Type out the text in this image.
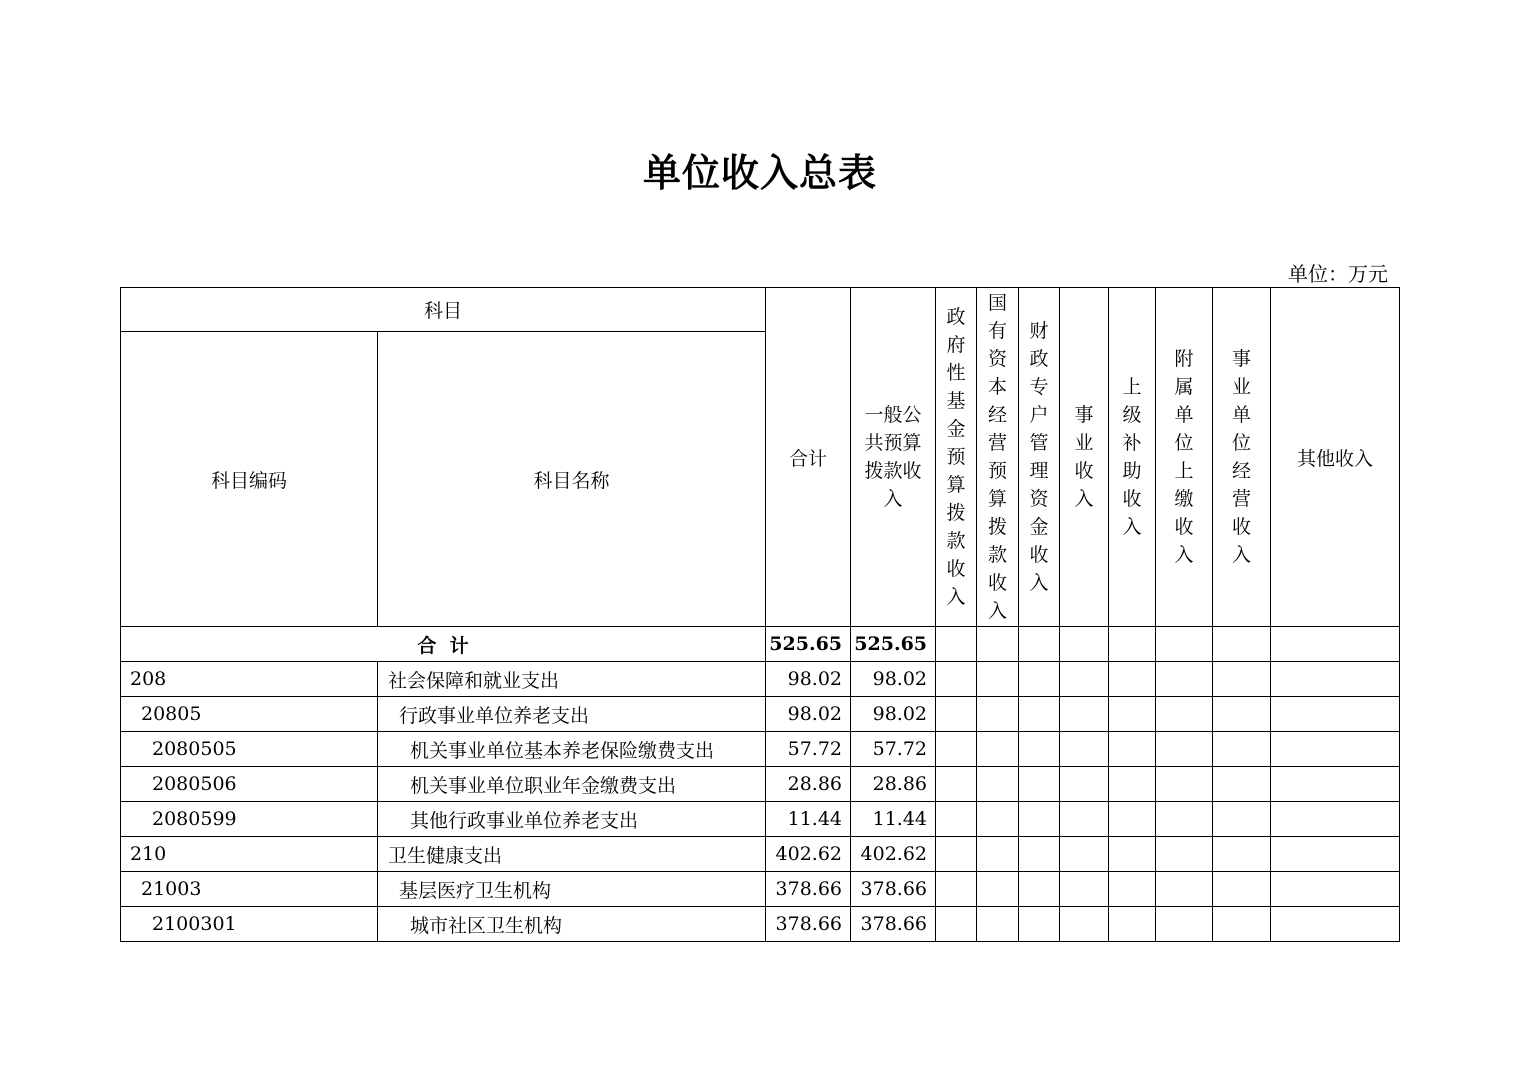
单位收入总表
单位：万元
科目		合计	一般公共预算拨款收入	政府性基金预算拨款收入	国有资本经营预算拨款收入	财政专户管理资金收入	事业收入	上级补助收入	附属单位上缴收入	事业单位经营收入	其他收入
科目编码	科目名称										
合  计		525.65	525.65								
208	社会保障和就业支出	98.02	98.02								
20805	行政事业单位养老支出	98.02	98.02								
2080505	机关事业单位基本养老保险缴费支出	57.72	57.72								
2080506	机关事业单位职业年金缴费支出	28.86	28.86								
2080599	其他行政事业单位养老支出	11.44	11.44								
210	卫生健康支出	402.62	402.62								
21003	基层医疗卫生机构	378.66	378.66								
2100301	城市社区卫生机构	378.66	378.66								
